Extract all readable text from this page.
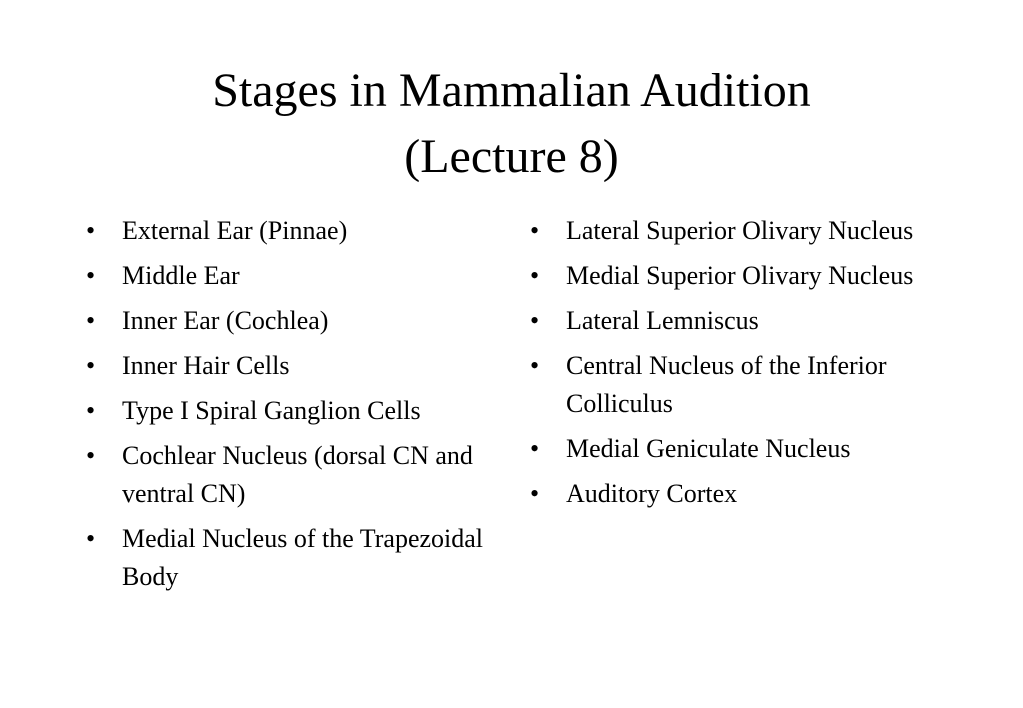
Stages in Mammalian Audition
(Lecture 8)
•	External Ear (Pinnae)
•	Middle Ear
•	Inner Ear (Cochlea)
•	Inner Hair Cells
•	Type I Spiral Ganglion Cells
•	Cochlear Nucleus (dorsal CN and ventral CN)
•	Medial Nucleus of the Trapezoidal Body
•	Lateral Superior Olivary Nucleus
•	Medial Superior Olivary Nucleus
•	Lateral Lemniscus
•	Central Nucleus of the Inferior Colliculus
•	Medial Geniculate Nucleus
•	Auditory Cortex
